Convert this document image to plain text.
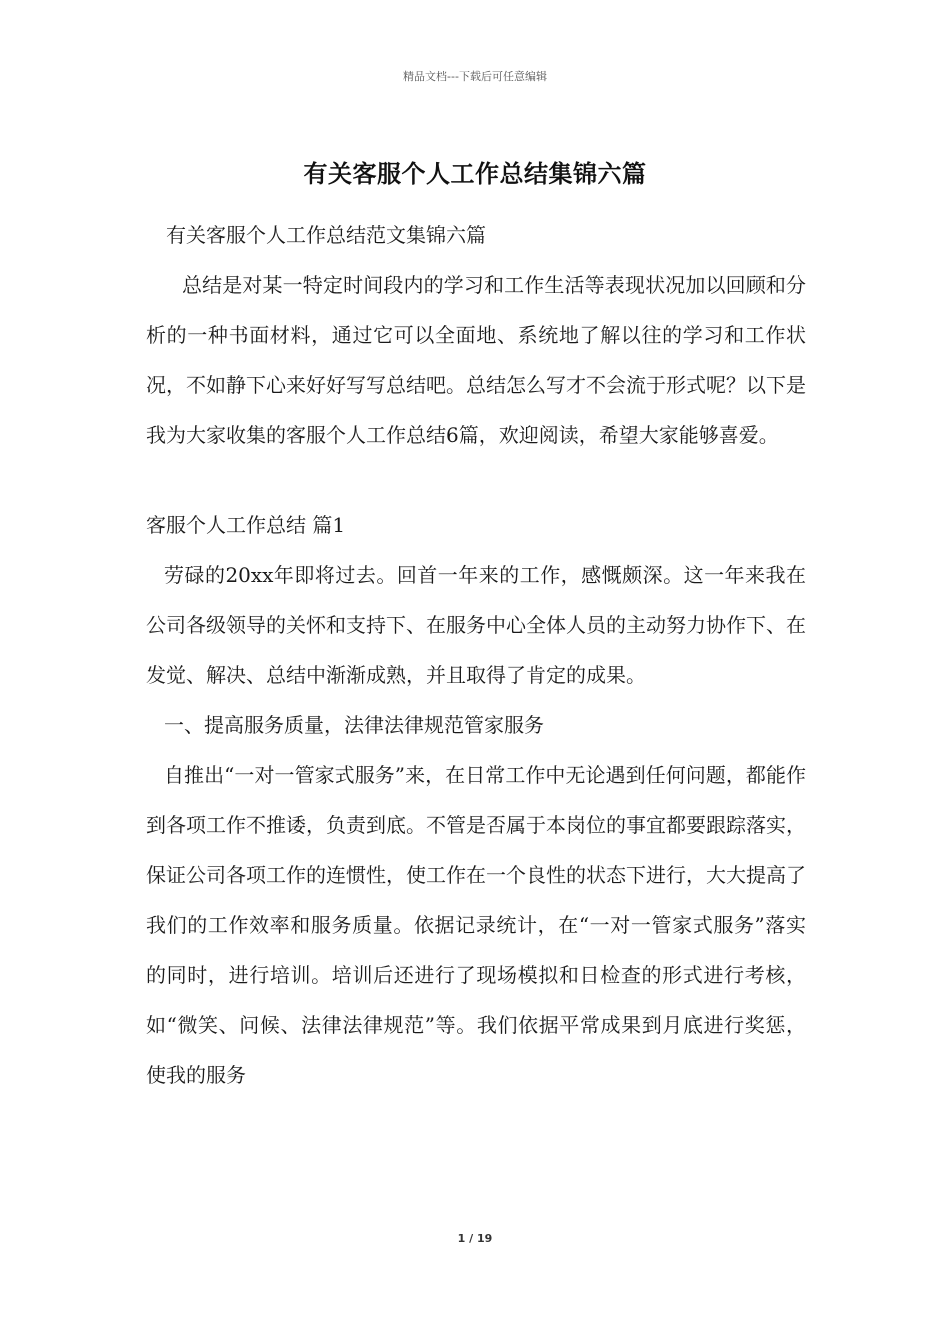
精品文档---下载后可任意编辑
有关客服个人工作总结集锦六篇

有关客服个人工作总结范文集锦六篇

总结是对某一特定时间段内的学习和工作生活等表现状况加以回顾和分析的一种书面材料，通过它可以全面地、系统地了解以往的学习和工作状况，不如静下心来好好写写总结吧。总结怎么写才不会流于形式呢？以下是我为大家收集的客服个人工作总结6篇，欢迎阅读，希望大家能够喜爱。

客服个人工作总结 篇1

劳碌的20xx年即将过去。回首一年来的工作，感慨颇深。这一年来我在公司各级领导的关怀和支持下、在服务中心全体人员的主动努力协作下、在发觉、解决、总结中渐渐成熟，并且取得了肯定的成果。

一、提高服务质量，法律法律规范管家服务

自推出“一对一管家式服务”来，在日常工作中无论遇到任何问题，都能作到各项工作不推诿，负责到底。不管是否属于本岗位的事宜都要跟踪落实，保证公司各项工作的连惯性，使工作在一个良性的状态下进行，大大提高了我们的工作效率和服务质量。依据记录统计，在“一对一管家式服务”落实的同时，进行培训。培训后还进行了现场模拟和日检查的形式进行考核，如“微笑、问候、法律法律规范”等。我们依据平常成果到月底进行奖惩，使我的服务

1 / 19
